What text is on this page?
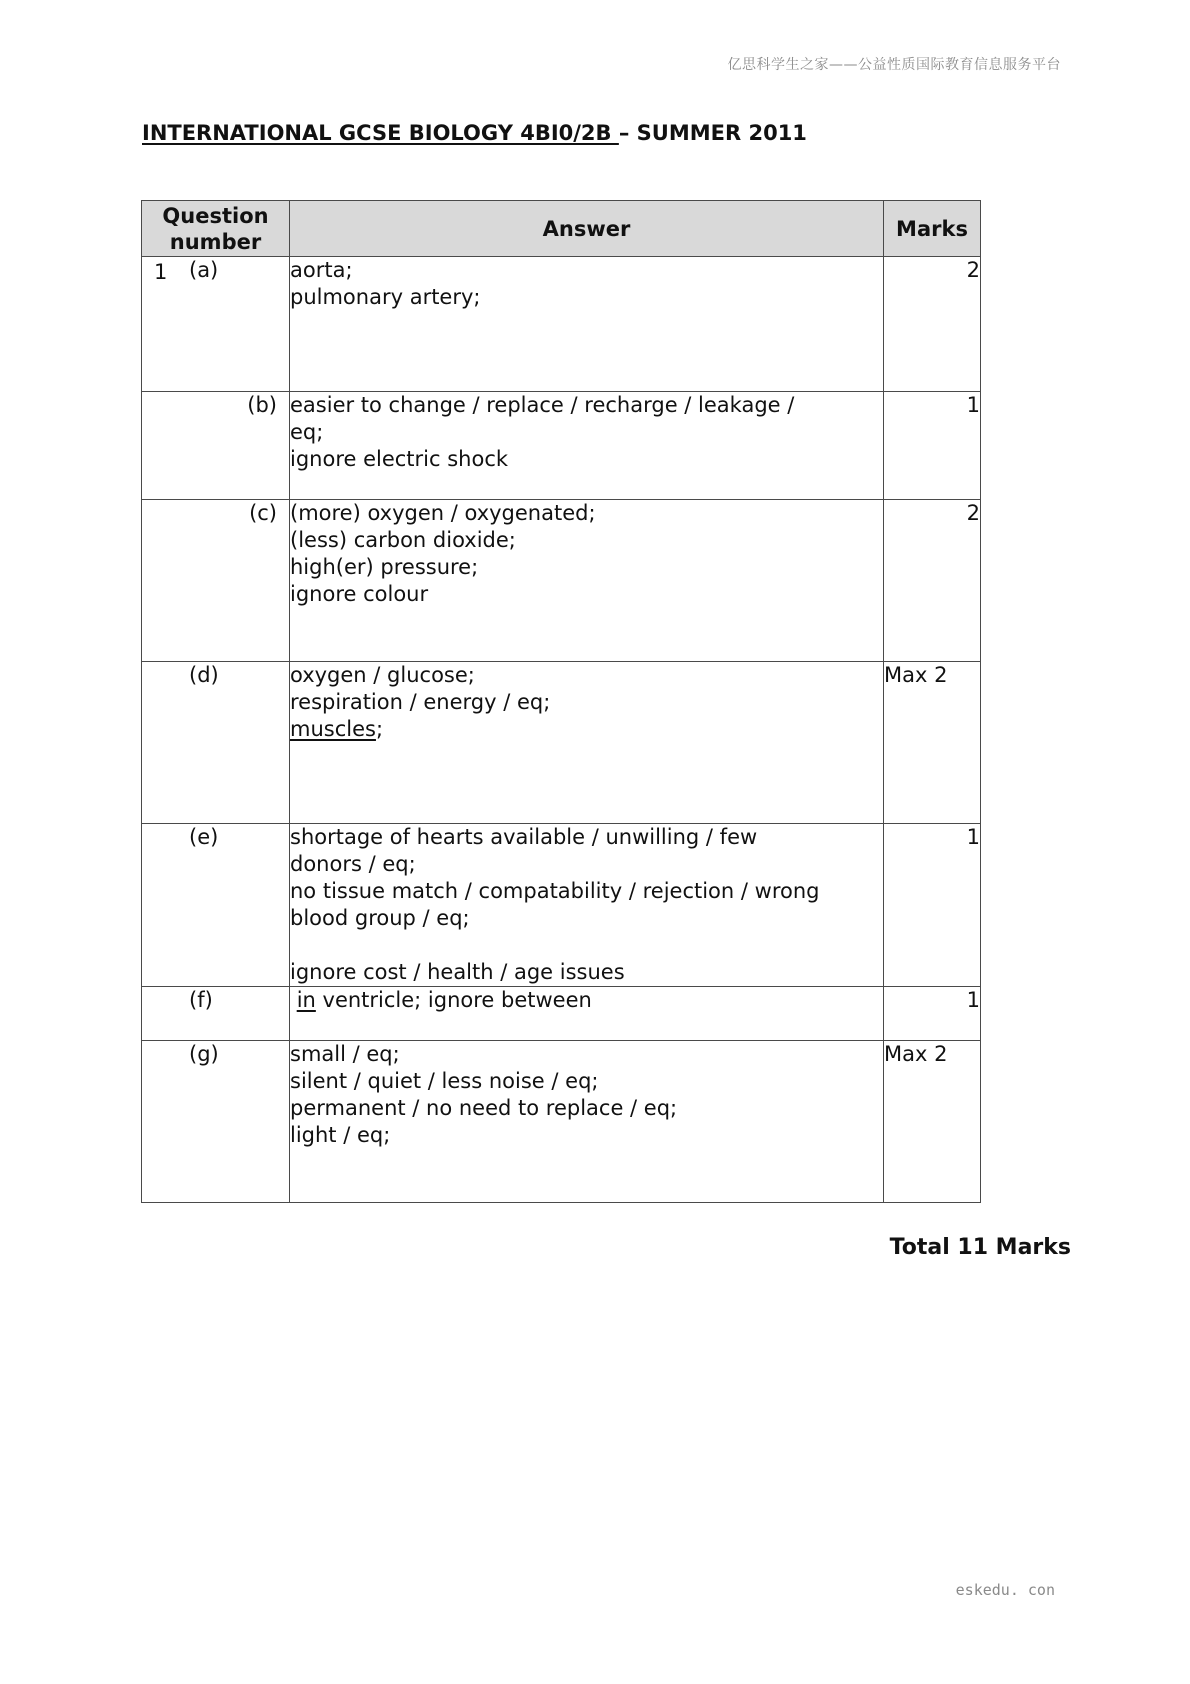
亿思科学生之家——公益性质国际教育信息服务平台
INTERNATIONAL GCSE BIOLOGY 4BI0/2B – SUMMER 2011
Question number	Answer	Marks

1 (a)	aorta;
pulmonary artery;	2

(b)	easier to change / replace / recharge / leakage /
eq;
ignore electric shock	1

(c)	(more) oxygen / oxygenated;
(less) carbon dioxide;
high(er) pressure;
ignore colour	2

(d)	oxygen / glucose;
respiration / energy / eq;
muscles;	Max 2

(e)	shortage of hearts available / unwilling / few
donors / eq;
no tissue match / compatability / rejection / wrong
blood group / eq;
ignore cost / health / age issues	1

(f)	in ventricle; ignore between	1

(g)	small / eq;
silent / quiet / less noise / eq;
permanent / no need to replace / eq;
light / eq;	Max 2
Total 11 Marks
eskedu. con
